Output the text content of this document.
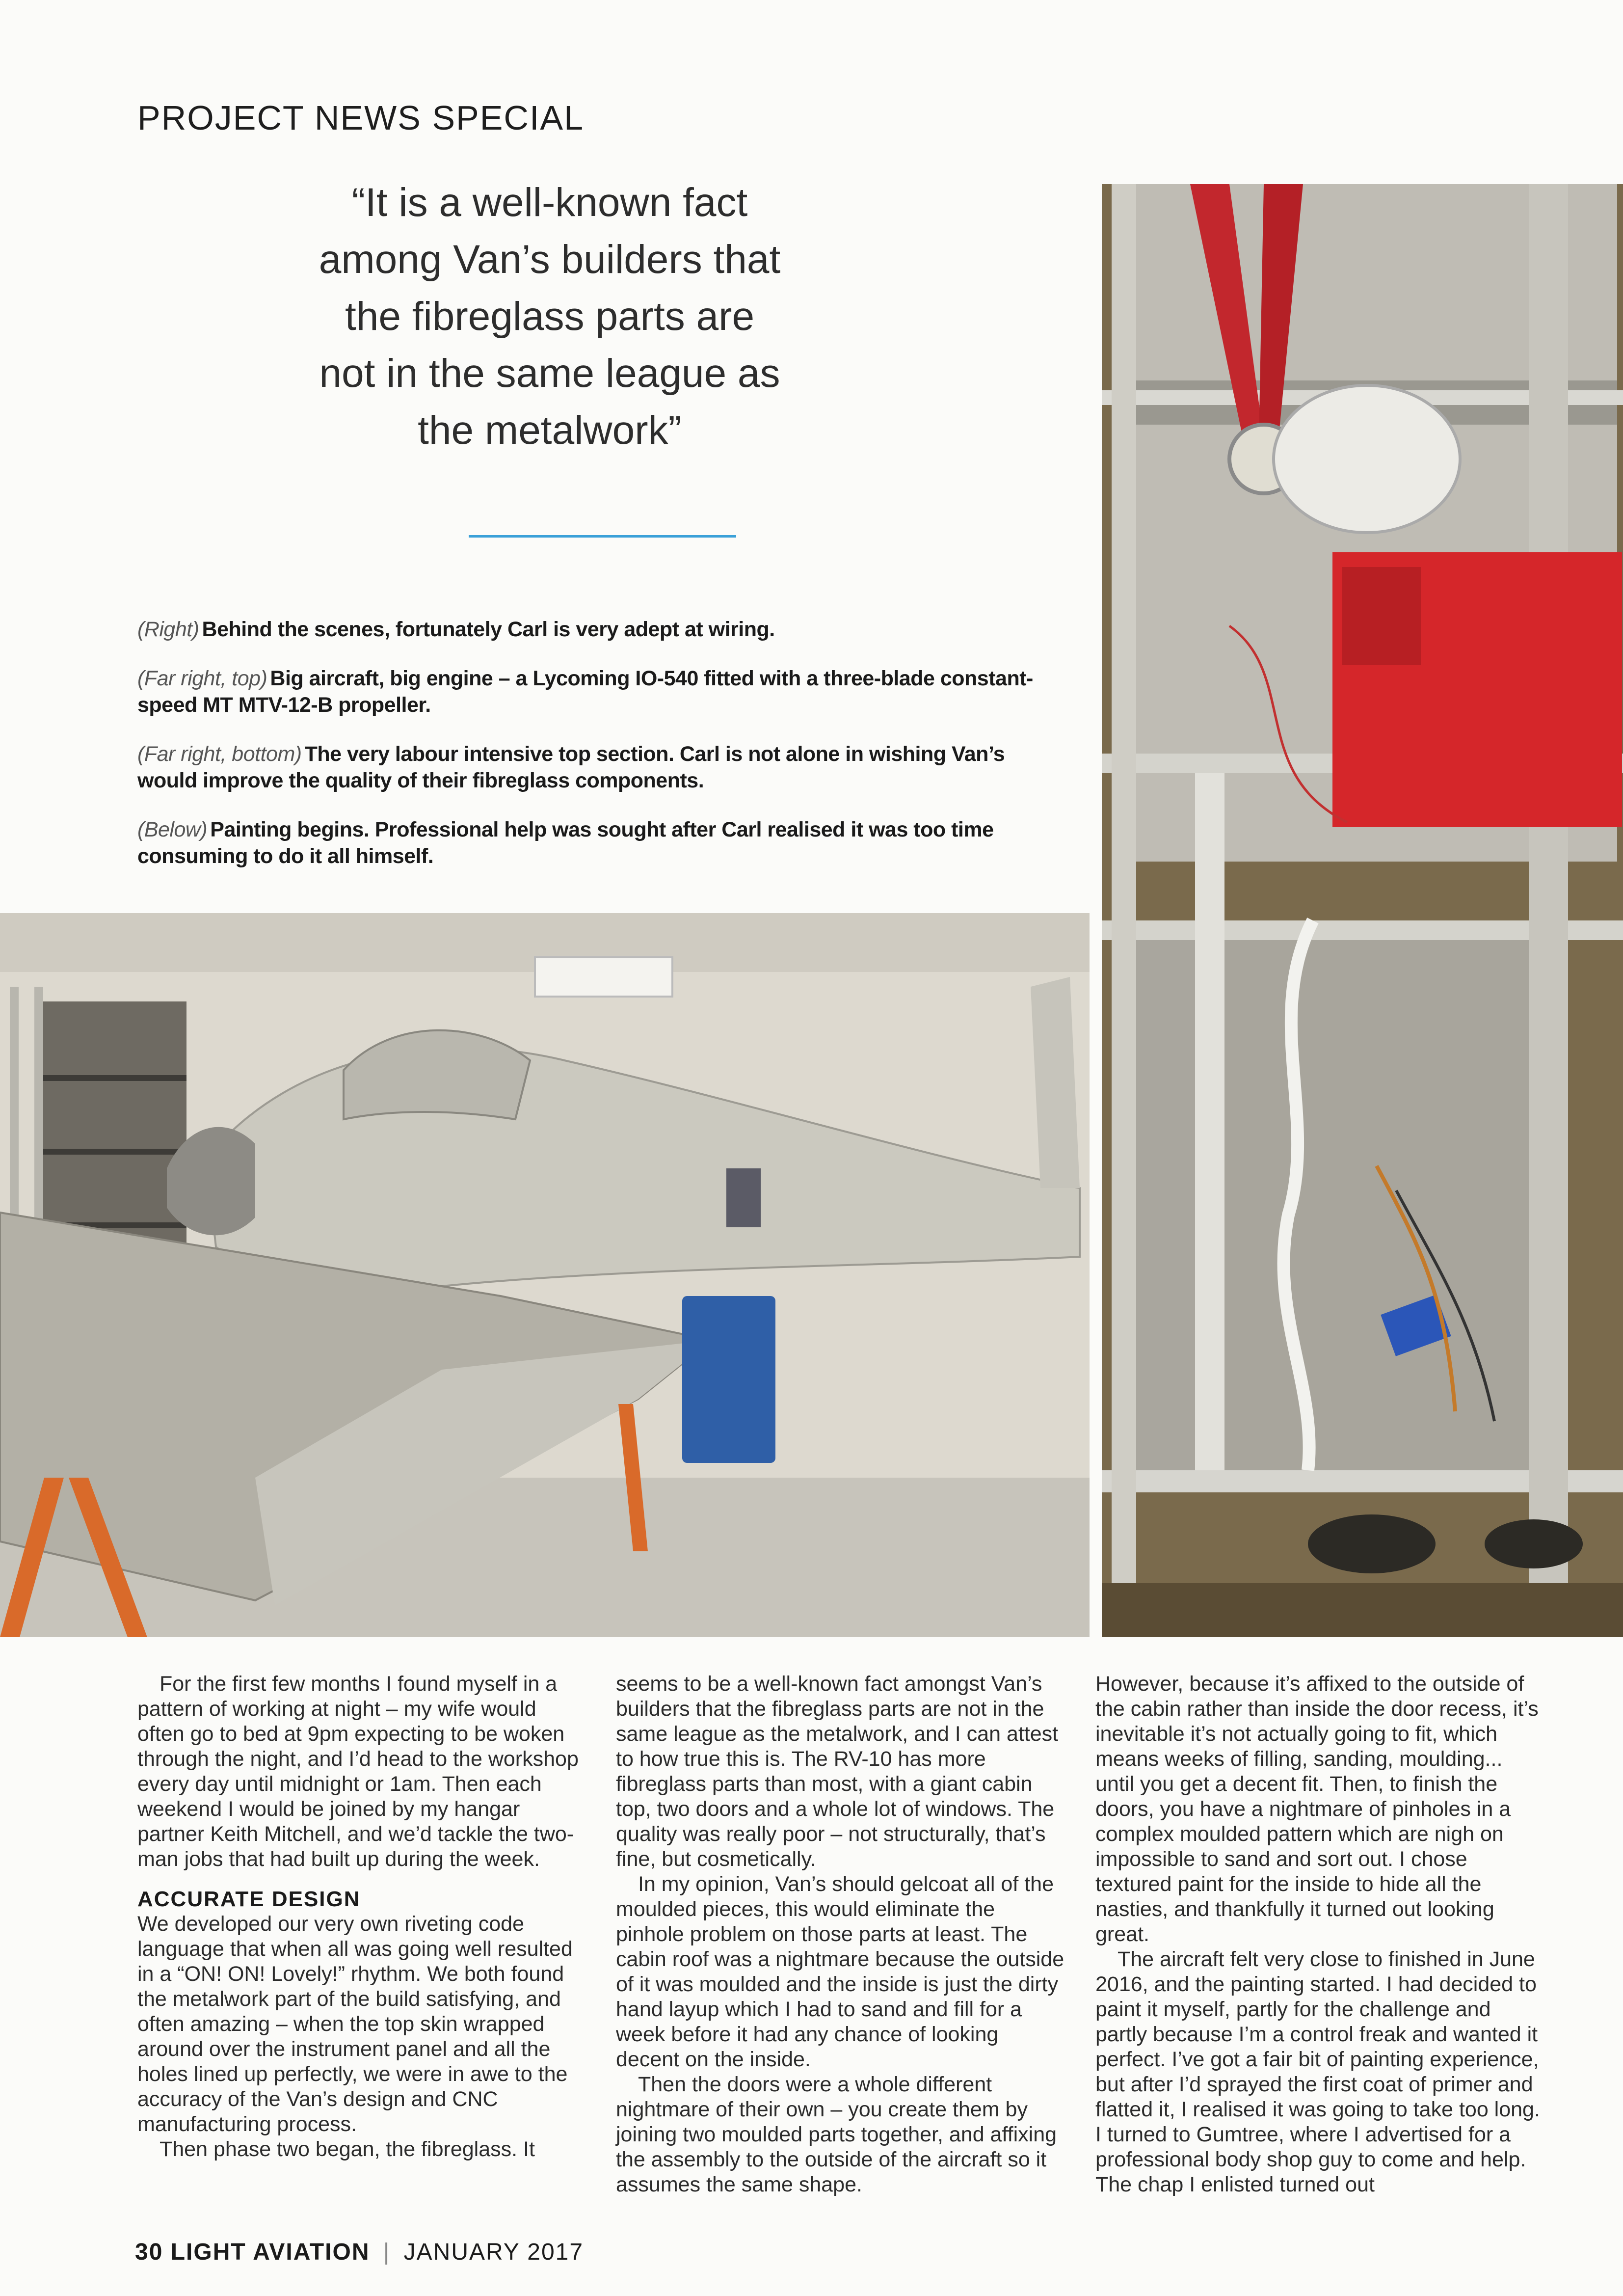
PROJECT NEWS SPECIAL
“It is a well-known fact among Van’s builders that the fibreglass parts are not in the same league as the metalwork”

(Right) Behind the scenes, fortunately Carl is very adept at wiring.

(Far right, top) Big aircraft, big engine – a Lycoming IO-540 fitted with a three-blade constant-speed MT MTV-12-B propeller.

(Far right, bottom) The very labour intensive top section. Carl is not alone in wishing Van’s would improve the quality of their fibreglass components.

(Below) Painting begins. Professional help was sought after Carl realised it was too time consuming to do it all himself.

For the first few months I found myself in a pattern of working at night – my wife would often go to bed at 9pm expecting to be woken through the night, and I’d head to the workshop every day until midnight or 1am. Then each weekend I would be joined by my hangar partner Keith Mitchell, and we’d tackle the two-man jobs that had built up during the week.

ACCURATE DESIGN

We developed our very own riveting code language that when all was going well resulted in a “ON! ON! Lovely!” rhythm. We both found the metalwork part of the build satisfying, and often amazing – when the top skin wrapped around over the instrument panel and all the holes lined up perfectly, we were in awe to the accuracy of the Van’s design and CNC manufacturing process.

Then phase two began, the fibreglass. It

seems to be a well-known fact amongst Van’s builders that the fibreglass parts are not in the same league as the metalwork, and I can attest to how true this is. The RV-10 has more fibreglass parts than most, with a giant cabin top, two doors and a whole lot of windows. The quality was really poor – not structurally, that’s fine, but cosmetically.

In my opinion, Van’s should gelcoat all of the moulded pieces, this would eliminate the pinhole problem on those parts at least. The cabin roof was a nightmare because the outside of it was moulded and the inside is just the dirty hand layup which I had to sand and fill for a week before it had any chance of looking decent on the inside.

Then the doors were a whole different nightmare of their own – you create them by joining two moulded parts together, and affixing the assembly to the outside of the aircraft so it assumes the same shape.

However, because it’s affixed to the outside of the cabin rather than inside the door recess, it’s inevitable it’s not actually going to fit, which means weeks of filling, sanding, moulding... until you get a decent fit. Then, to finish the doors, you have a nightmare of pinholes in a complex moulded pattern which are nigh on impossible to sand and sort out. I chose textured paint for the inside to hide all the nasties, and thankfully it turned out looking great.

The aircraft felt very close to finished in June 2016, and the painting started. I had decided to paint it myself, partly for the challenge and partly because I’m a control freak and wanted it perfect. I’ve got a fair bit of painting experience, but after I’d sprayed the first coat of primer and flatted it, I realised it was going to take too long. I turned to Gumtree, where I advertised for a professional body shop guy to come and help. The chap I enlisted turned out

30 LIGHT AVIATION | JANUARY 2017
